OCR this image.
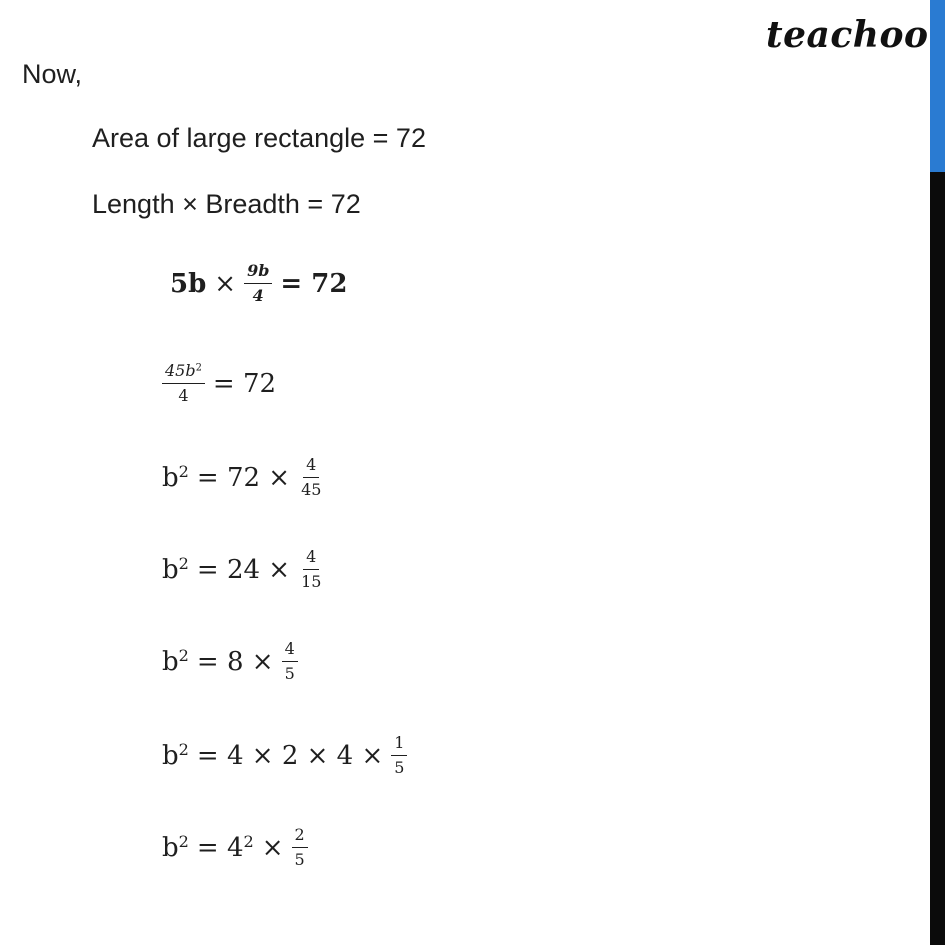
teachoo
Now,
Area of large rectangle = 72
Length × Breadth = 72
$5b \times \frac{9b}{4} = 72$
$\frac{45b^2}{4} = 72$
$b^2 = 72 \times \frac{4}{45}$
$b^2 = 24 \times \frac{4}{15}$
$b^2 = 8 \times \frac{4}{5}$
$b^2 = 4 \times 2 \times 4 \times \frac{1}{5}$
$b^2 = 4^2 \times \frac{2}{5}$
